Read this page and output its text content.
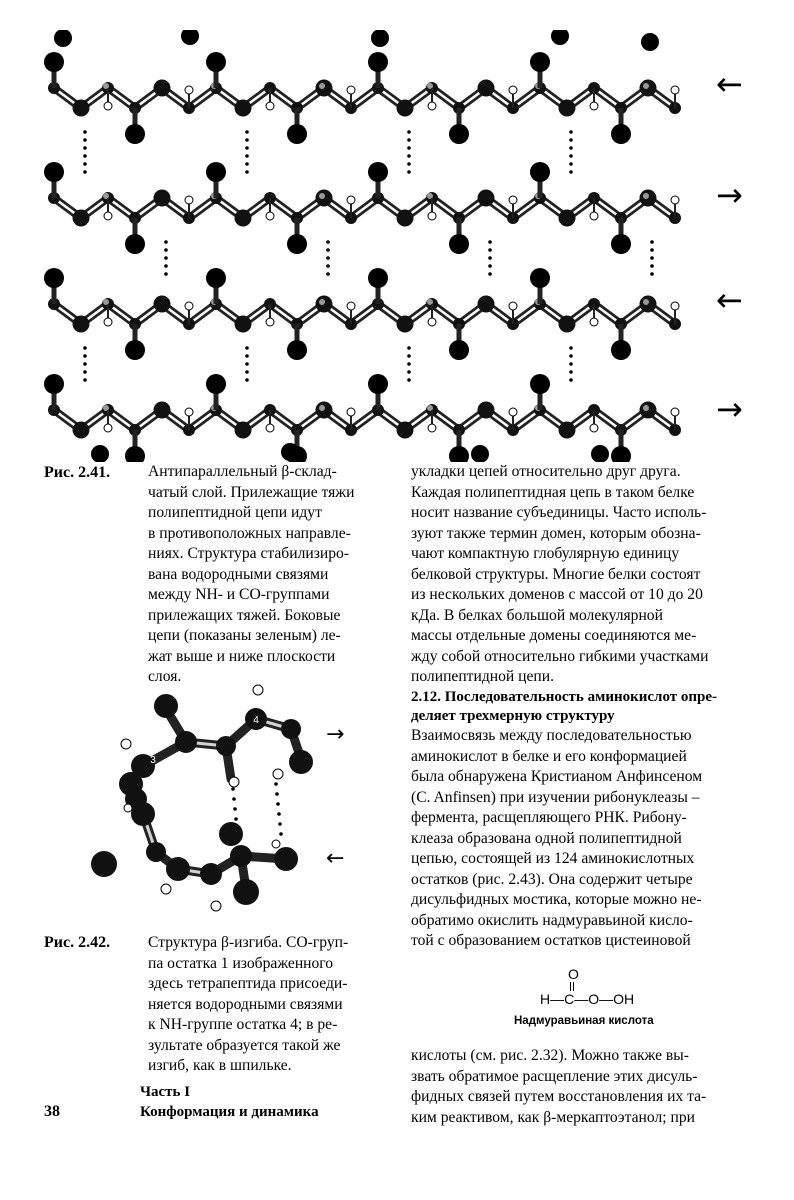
←
→
←
→
Рис. 2.41. Антипараллельный β-склад-
чатый слой. Прилежащие тяжи
полипептидной цепи идут
в противоположных направле-
ниях. Структура стабилизиро-
вана водородными связями
между NH- и CO-группами
прилежащих тяжей. Боковые
цепи (показаны зеленым) ле-
жат выше и ниже плоскости
слоя.
1
2
3
4
→
←
Рис. 2.42. Структура β-изгиба. CO-груп-
па остатка 1 изображенного
здесь тетрапептида присоеди-
няется водородными связями
к NH-группе остатка 4; в ре-
зультате образуется такой же
изгиб, как в шпильке.
укладки цепей относительно друг друга.
Каждая полипептидная цепь в таком белке
носит название субъединицы. Часто исполь-
зуют также термин домен, которым обозна-
чают компактную глобулярную единицу
белковой структуры. Многие белки состоят
из нескольких доменов с массой от 10 до 20
кДа. В белках большой молекулярной
массы отдельные домены соединяются ме-
жду собой относительно гибкими участками
полипептидной цепи.
2.12. Последовательность аминокислот опре-
деляет трехмерную структуру
Взаимосвязь между последовательностью
аминокислот в белке и его конформацией
была обнаружена Кристианом Анфинсеном
(C. Anfinsen) при изучении рибонуклеазы –
фермента, расщепляющего РНК. Рибону-
клеаза образована одной полипептидной
цепью, состоящей из 124 аминокислотных
остатков (рис. 2.43). Она содержит четыре
дисульфидных мостика, которые можно не-
обратимо окислить надмуравьиной кисло-
той с образованием остатков цистеиновой
O
H—C—O—OH
Надмуравьиная кислота
кислоты (см. рис. 2.32). Можно также вы-
звать обратимое расщепление этих дисуль-
фидных связей путем восстановления их та-
ким реактивом, как β-меркаптоэтанол; при
38
Часть I
Конформация и динамика
